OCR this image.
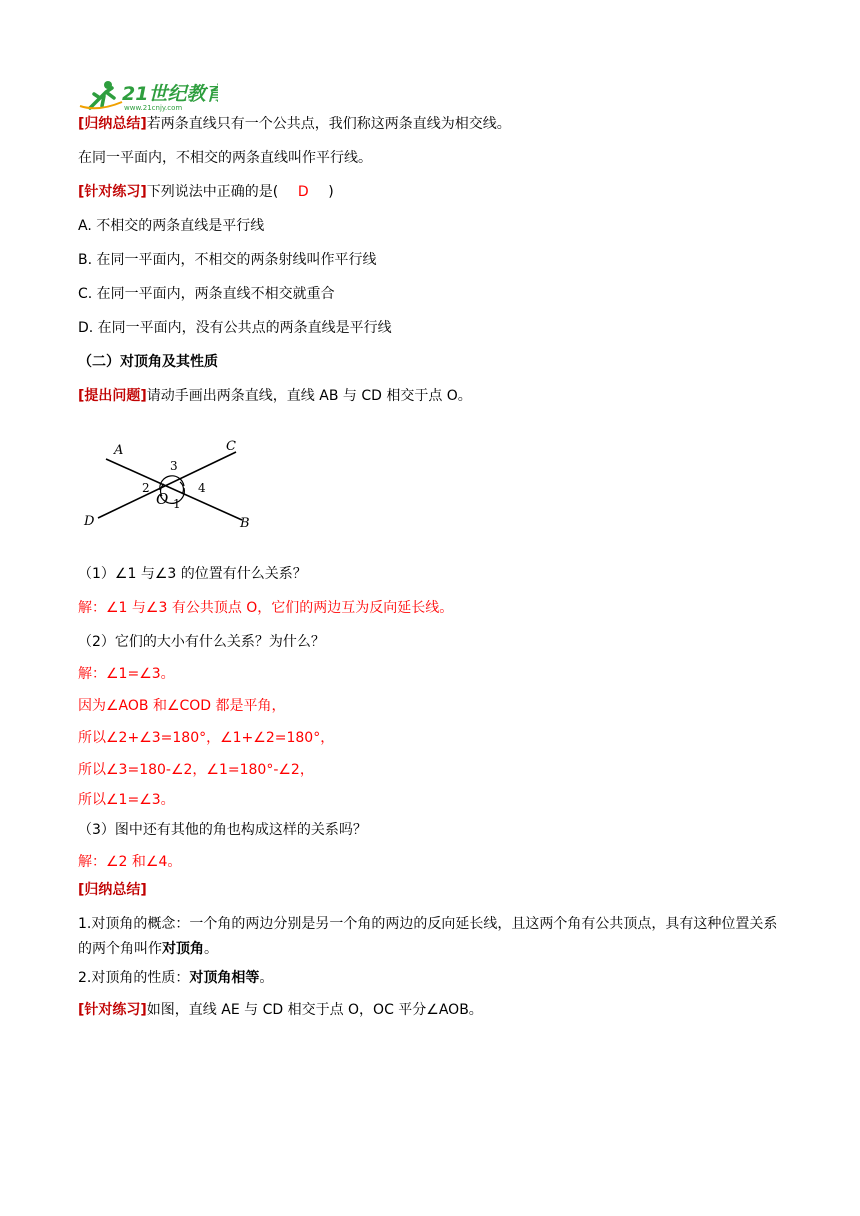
21世纪教育
www.21cnjy.com
[归纳总结]若两条直线只有一个公共点，我们称这两条直线为相交线。
在同一平面内，不相交的两条直线叫作平行线。
[针对练习]下列说法中正确的是( D )
A. 不相交的两条直线是平行线
B. 在同一平面内，不相交的两条射线叫作平行线
C. 在同一平面内，两条直线不相交就重合
D. 在同一平面内，没有公共点的两条直线是平行线
（二）对顶角及其性质
[提出问题]请动手画出两条直线，直线 AB 与 CD 相交于点 O。
A	C
D	B
O
3
2	4
1
（1）∠1 与∠3 的位置有什么关系？
解：∠1 与∠3 有公共顶点 O，它们的两边互为反向延长线。
（2）它们的大小有什么关系？为什么？
解：∠1=∠3。
因为∠AOB 和∠COD 都是平角，
所以∠2+∠3=180°，∠1+∠2=180°，
所以∠3=180-∠2，∠1=180°-∠2，
所以∠1=∠3。
（3）图中还有其他的角也构成这样的关系吗？
解：∠2 和∠4。
[归纳总结]
1.对顶角的概念：一个角的两边分别是另一个角的两边的反向延长线，且这两个角有公共顶点，具有这种位置关系的两个角叫作对顶角。
2.对顶角的性质：对顶角相等。
[针对练习]如图，直线 AE 与 CD 相交于点 O，OC 平分∠AOB。
